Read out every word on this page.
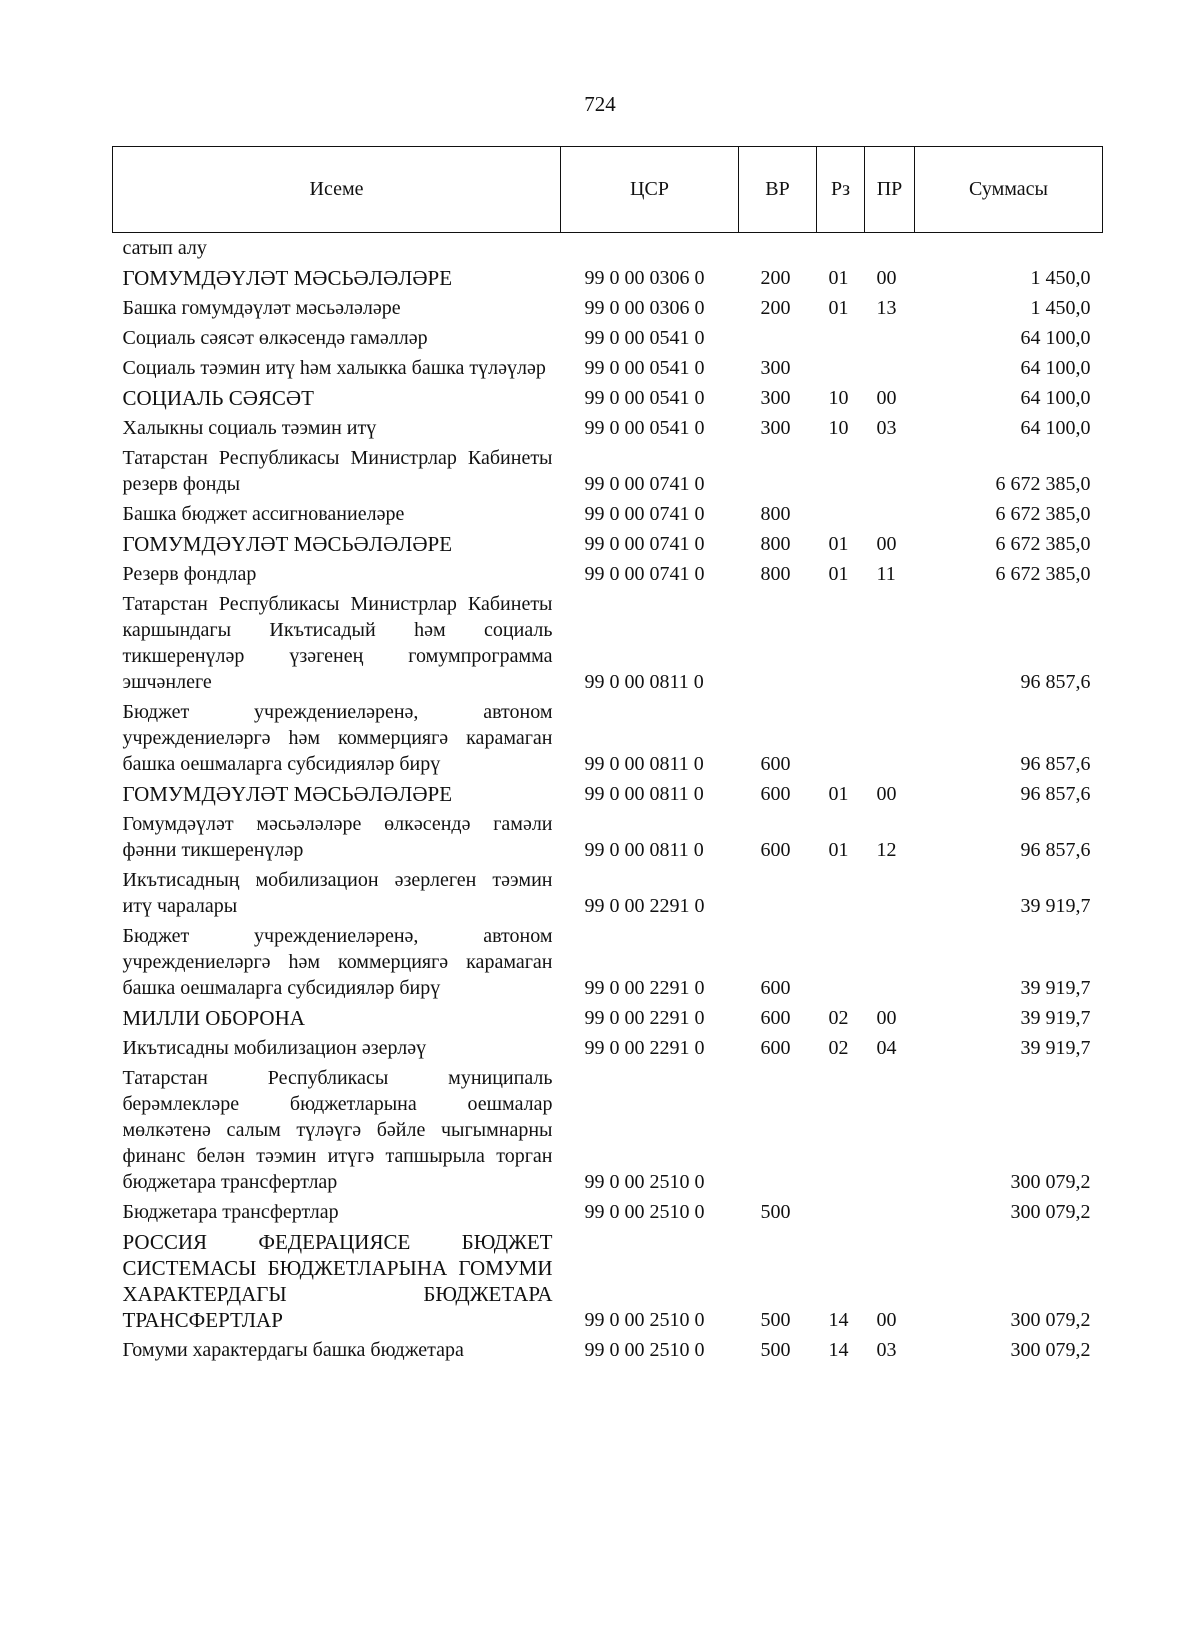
724
Исеме	ЦСР	ВР	Рз	ПР	Суммасы
сатып алу					
ГОМУМДӘҮЛӘТ МӘСЬӘЛӘЛӘРЕ	99 0 00 0306 0	200	01	00	1 450,0
Башка гомумдәүләт мәсьәләләре	99 0 00 0306 0	200	01	13	1 450,0
Социаль сәясәт өлкәсендә гамәлләр	99 0 00 0541 0				64 100,0
Социаль тәэмин итү һәм халыкка башка түләүләр	99 0 00 0541 0	300			64 100,0
СОЦИАЛЬ СӘЯСӘТ	99 0 00 0541 0	300	10	00	64 100,0
Халыкны социаль тәэмин итү	99 0 00 0541 0	300	10	03	64 100,0
Татарстан Республикасы Министрлар Кабинеты резерв фонды	99 0 00 0741 0				6 672 385,0
Башка бюджет ассигнованиеләре	99 0 00 0741 0	800			6 672 385,0
ГОМУМДӘҮЛӘТ МӘСЬӘЛӘЛӘРЕ	99 0 00 0741 0	800	01	00	6 672 385,0
Резерв фондлар	99 0 00 0741 0	800	01	11	6 672 385,0
Татарстан Республикасы Министрлар Кабинеты каршындагы Икътисадый һәм социаль тикшеренүләр үзәгенең гомумпрограмма эшчәнлеге	99 0 00 0811 0				96 857,6
Бюджет учреждениеләренә, автоном учреждениеләргә һәм коммерциягә карамаган башка оешмаларга субсидияләр бирү	99 0 00 0811 0	600			96 857,6
ГОМУМДӘҮЛӘТ МӘСЬӘЛӘЛӘРЕ	99 0 00 0811 0	600	01	00	96 857,6
Гомумдәүләт мәсьәләләре өлкәсендә гамәли фәнни тикшеренүләр	99 0 00 0811 0	600	01	12	96 857,6
Икътисадның мобилизацион әзерлеген тәэмин итү чаралары	99 0 00 2291 0				39 919,7
Бюджет учреждениеләренә, автоном учреждениеләргә һәм коммерциягә карамаган башка оешмаларга субсидияләр бирү	99 0 00 2291 0	600			39 919,7
МИЛЛИ ОБОРОНА	99 0 00 2291 0	600	02	00	39 919,7
Икътисадны мобилизацион әзерләү	99 0 00 2291 0	600	02	04	39 919,7
Татарстан Республикасы муниципаль берәмлекләре бюджетларына оешмалар мөлкәтенә салым түләүгә бәйле чыгымнарны финанс белән тәэмин итүгә тапшырыла торган бюджетара трансфертлар	99 0 00 2510 0				300 079,2
Бюджетара трансфертлар	99 0 00 2510 0	500			300 079,2
РОССИЯ ФЕДЕРАЦИЯСЕ БЮДЖЕТ СИСТЕМАСЫ БЮДЖЕТЛАРЫНА ГОМУМИ ХАРАКТЕРДАГЫ БЮДЖЕТАРА ТРАНСФЕРТЛАР	99 0 00 2510 0	500	14	00	300 079,2
Гомуми характердагы башка бюджетара	99 0 00 2510 0	500	14	03	300 079,2
